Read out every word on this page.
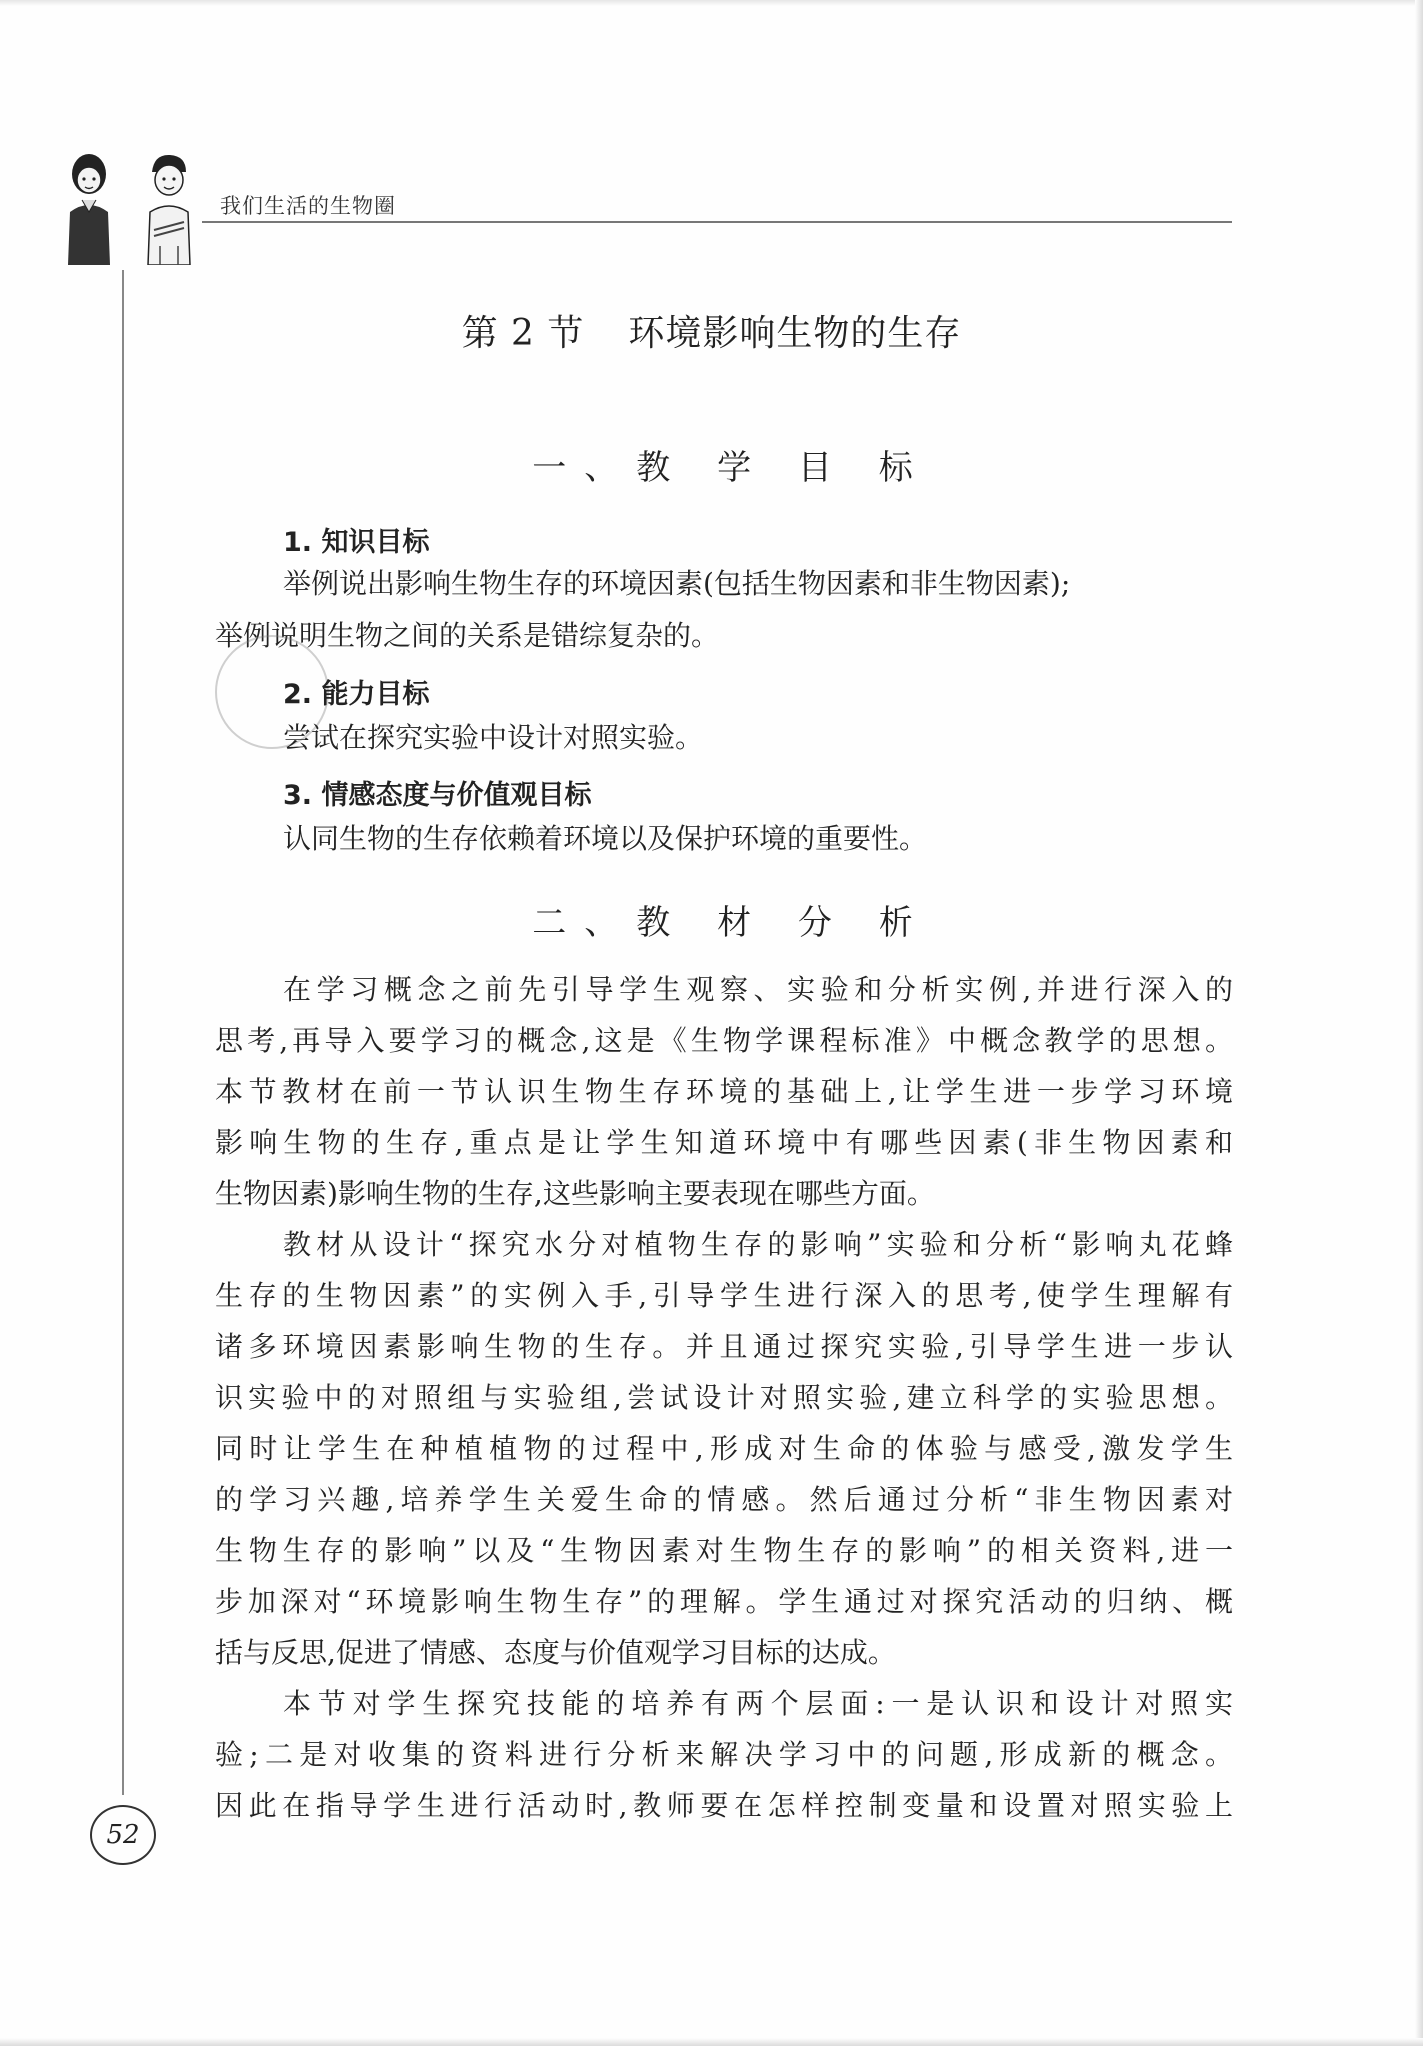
我们生活的生物圈
第 2 节 环境影响生物的生存
一、教 学 目 标
1. 知识目标
举例说出影响生物生存的环境因素(包括生物因素和非生物因素);
举例说明生物之间的关系是错综复杂的。
2. 能力目标
尝试在探究实验中设计对照实验。
3. 情感态度与价值观目标
认同生物的生存依赖着环境以及保护环境的重要性。
二、教 材 分 析
在学习概念之前先引导学生观察、实验和分析实例,并进行深入的
思考,再导入要学习的概念,这是《生物学课程标准》中概念教学的思想。
本节教材在前一节认识生物生存环境的基础上,让学生进一步学习环境
影响生物的生存,重点是让学生知道环境中有哪些因素(非生物因素和
生物因素)影响生物的生存,这些影响主要表现在哪些方面。
教材从设计“探究水分对植物生存的影响”实验和分析“影响丸花蜂
生存的生物因素”的实例入手,引导学生进行深入的思考,使学生理解有
诸多环境因素影响生物的生存。并且通过探究实验,引导学生进一步认
识实验中的对照组与实验组,尝试设计对照实验,建立科学的实验思想。
同时让学生在种植植物的过程中,形成对生命的体验与感受,激发学生
的学习兴趣,培养学生关爱生命的情感。然后通过分析“非生物因素对
生物生存的影响”以及“生物因素对生物生存的影响”的相关资料,进一
步加深对“环境影响生物生存”的理解。学生通过对探究活动的归纳、概
括与反思,促进了情感、态度与价值观学习目标的达成。
本节对学生探究技能的培养有两个层面:一是认识和设计对照实
验;二是对收集的资料进行分析来解决学习中的问题,形成新的概念。
因此在指导学生进行活动时,教师要在怎样控制变量和设置对照实验上
52
